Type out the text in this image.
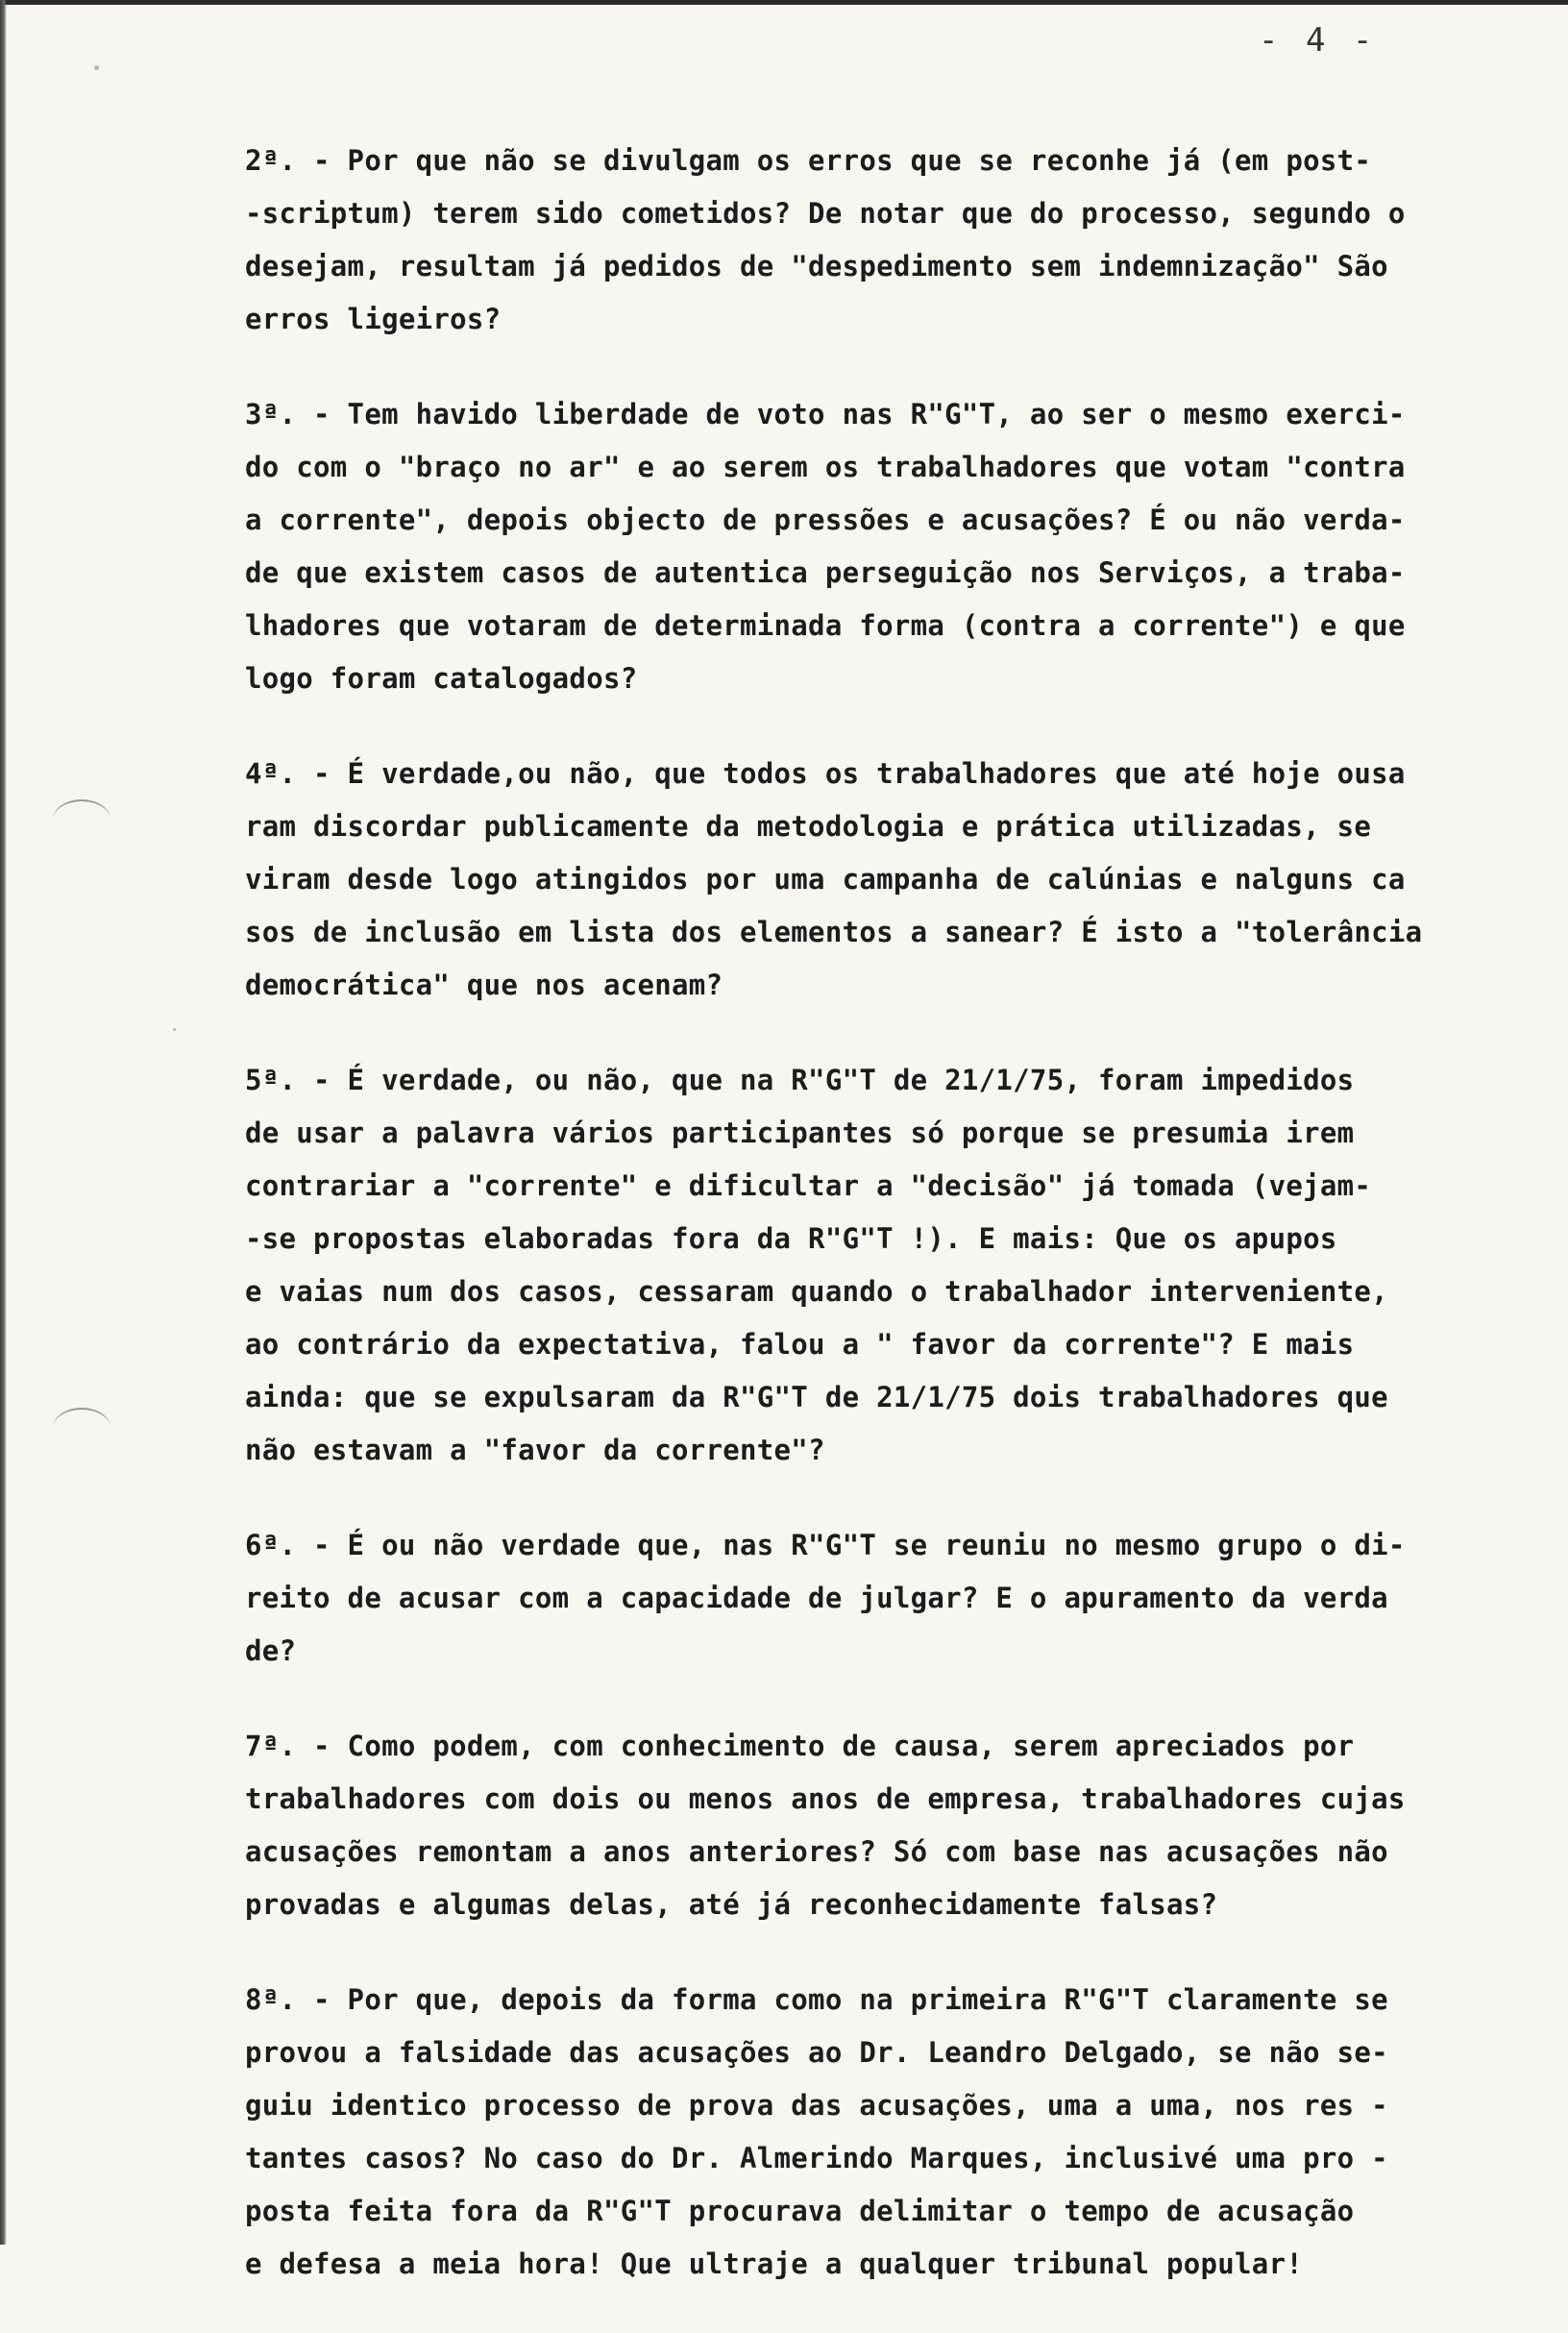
- 4 -

2ª. - Por que não se divulgam os erros que se reconhe já (em post-
-scriptum) terem sido cometidos? De notar que do processo, segundo o
desejam, resultam já pedidos de "despedimento sem indemnização" São
erros ligeiros?

3ª. - Tem havido liberdade de voto nas R"G"T, ao ser o mesmo exerci-
do com o "braço no ar" e ao serem os trabalhadores que votam "contra
a corrente", depois objecto de pressões e acusações? É ou não verda-
de que existem casos de autentica perseguição nos Serviços, a traba-
lhadores que votaram de determinada forma (contra a corrente") e que
logo foram catalogados?

4ª. - É verdade,ou não, que todos os trabalhadores que até hoje ousa
ram discordar publicamente da metodologia e prática utilizadas, se
viram desde logo atingidos por uma campanha de calúnias e nalguns ca
sos de inclusão em lista dos elementos a sanear? É isto a "tolerância
democrática" que nos acenam?

5ª. - É verdade, ou não, que na R"G"T de 21/1/75, foram impedidos
de usar a palavra vários participantes só porque se presumia irem
contrariar a "corrente" e dificultar a "decisão" já tomada (vejam-
-se propostas elaboradas fora da R"G"T !). E mais: Que os apupos
e vaias num dos casos, cessaram quando o trabalhador interveniente,
ao contrário da expectativa, falou a " favor da corrente"? E mais
ainda: que se expulsaram da R"G"T de 21/1/75 dois trabalhadores que
não estavam a "favor da corrente"?

6ª. - É ou não verdade que, nas R"G"T se reuniu no mesmo grupo o di-
reito de acusar com a capacidade de julgar? E o apuramento da verda
de?

7ª. - Como podem, com conhecimento de causa, serem apreciados por
trabalhadores com dois ou menos anos de empresa, trabalhadores cujas
acusações remontam a anos anteriores? Só com base nas acusações não
provadas e algumas delas, até já reconhecidamente falsas?

8ª. - Por que, depois da forma como na primeira R"G"T claramente se
provou a falsidade das acusações ao Dr. Leandro Delgado, se não se-
guiu identico processo de prova das acusações, uma a uma, nos res -
tantes casos? No caso do Dr. Almerindo Marques, inclusivé uma pro -
posta feita fora da R"G"T procurava delimitar o tempo de acusação
e defesa a meia hora! Que ultraje a qualquer tribunal popular!
